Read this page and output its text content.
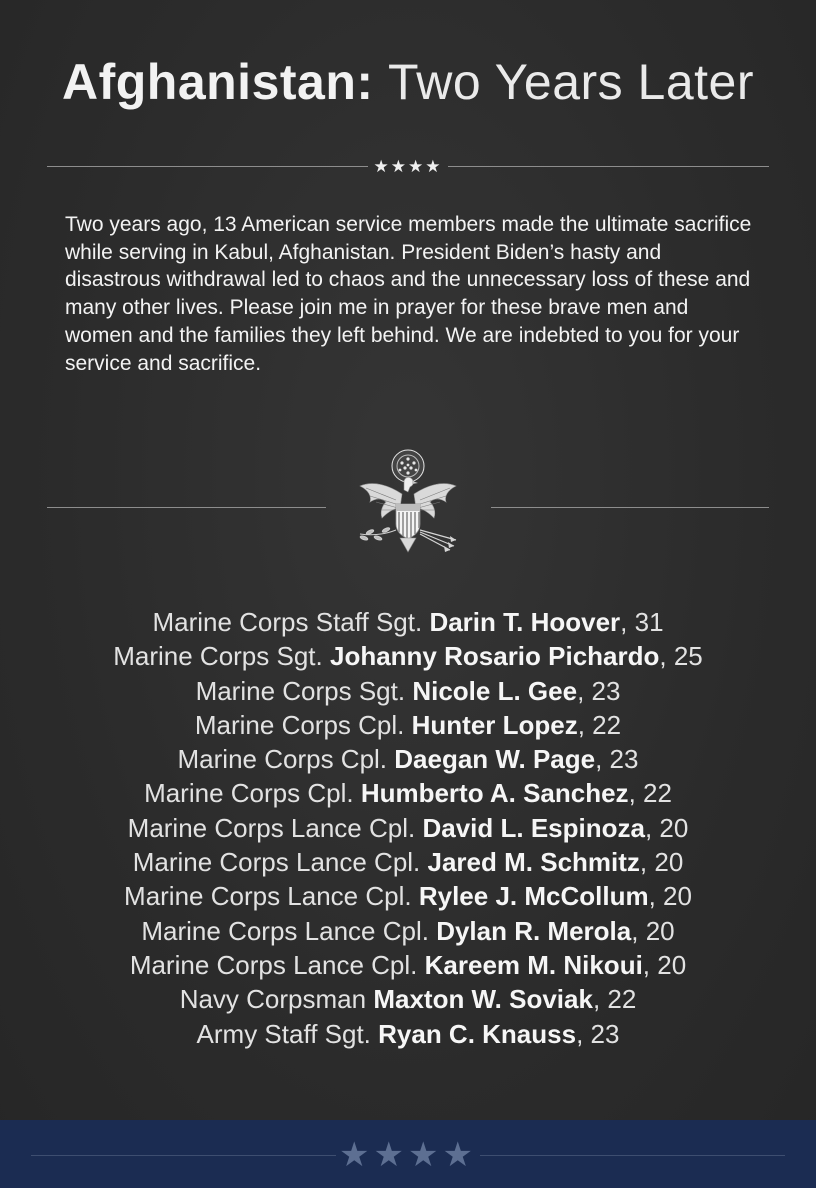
Afghanistan: Two Years Later
★★★★

Two years ago, 13 American service members made the ultimate sacrifice while serving in Kabul, Afghanistan. President Biden’s hasty and disastrous withdrawal led to chaos and the unnecessary loss of these and many other lives. Please join me in prayer for these brave men and women and the families they left behind. We are indebted to you for your service and sacrifice.

Marine Corps Staff Sgt. Darin T. Hoover, 31
Marine Corps Sgt. Johanny Rosario Pichardo, 25
Marine Corps Sgt. Nicole L. Gee, 23
Marine Corps Cpl. Hunter Lopez, 22
Marine Corps Cpl. Daegan W. Page, 23
Marine Corps Cpl. Humberto A. Sanchez, 22
Marine Corps Lance Cpl. David L. Espinoza, 20
Marine Corps Lance Cpl. Jared M. Schmitz, 20
Marine Corps Lance Cpl. Rylee J. McCollum, 20
Marine Corps Lance Cpl. Dylan R. Merola, 20
Marine Corps Lance Cpl. Kareem M. Nikoui, 20
Navy Corpsman Maxton W. Soviak, 22
Army Staff Sgt. Ryan C. Knauss, 23
★★★★
